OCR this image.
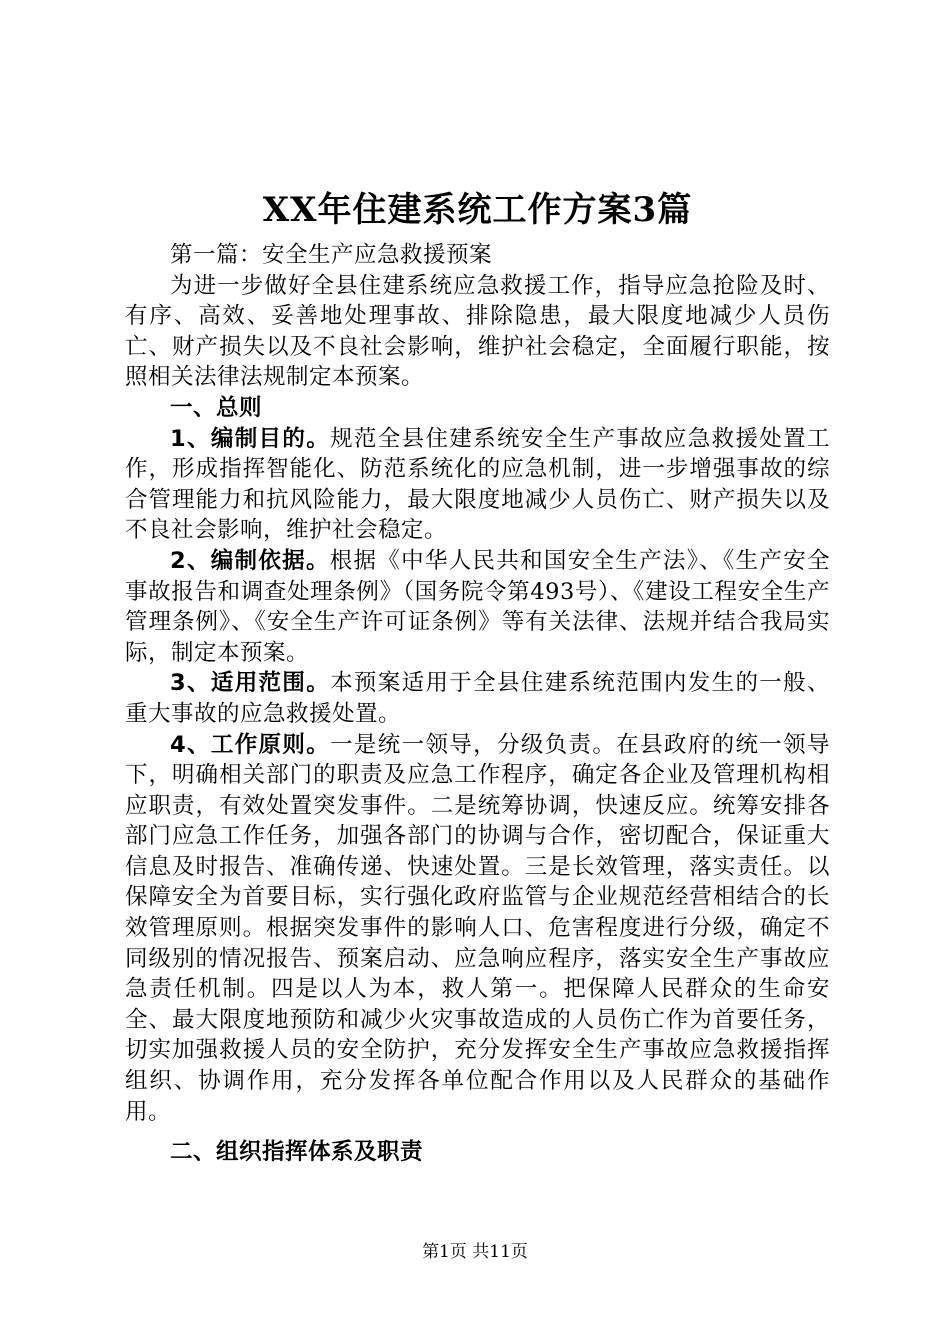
XX年住建系统工作方案3篇

第一篇：安全生产应急救援预案

为进一步做好全县住建系统应急救援工作，指导应急抢险及时、有序、高效、妥善地处理事故、排除隐患，最大限度地减少人员伤亡、财产损失以及不良社会影响，维护社会稳定，全面履行职能，按照相关法律法规制定本预案。

一、总则

1、编制目的。规范全县住建系统安全生产事故应急救援处置工作，形成指挥智能化、防范系统化的应急机制，进一步增强事故的综合管理能力和抗风险能力，最大限度地减少人员伤亡、财产损失以及不良社会影响，维护社会稳定。

2、编制依据。根据《中华人民共和国安全生产法》、《生产安全事故报告和调查处理条例》（国务院令第493号）、《建设工程安全生产管理条例》、《安全生产许可证条例》等有关法律、法规并结合我局实际，制定本预案。

3、适用范围。本预案适用于全县住建系统范围内发生的一般、重大事故的应急救援处置。

4、工作原则。一是统一领导，分级负责。在县政府的统一领导下，明确相关部门的职责及应急工作程序，确定各企业及管理机构相应职责，有效处置突发事件。二是统筹协调，快速反应。统筹安排各部门应急工作任务，加强各部门的协调与合作，密切配合，保证重大信息及时报告、准确传递、快速处置。三是长效管理，落实责任。以保障安全为首要目标，实行强化政府监管与企业规范经营相结合的长效管理原则。根据突发事件的影响人口、危害程度进行分级，确定不同级别的情况报告、预案启动、应急响应程序，落实安全生产事故应急责任机制。四是以人为本，救人第一。把保障人民群众的生命安全、最大限度地预防和减少火灾事故造成的人员伤亡作为首要任务，切实加强救援人员的安全防护，充分发挥安全生产事故应急救援指挥组织、协调作用，充分发挥各单位配合作用以及人民群众的基础作用。

二、组织指挥体系及职责

第1页 共11页
